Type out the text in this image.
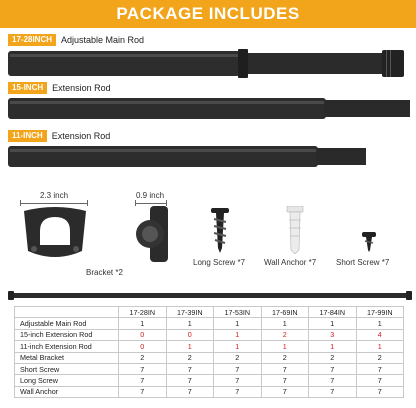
PACKAGE INCLUDES
17-28INCH	Adjustable Main Rod
15-INCH	Extension Rod
11-INCH	Extension Rod
2.3 inch
Bracket *2
0.9 inch
Long Screw *7 Wall Anchor *7 Short Screw *7
	17-28IN	17-39IN	17-53IN	17-69IN	17-84IN	17-99IN
Adjustable Main Rod	1	1	1	1	1	1
15-inch Extension Rod	0	0	1	2	3	4
11-inch Extension Rod	0	1	1	1	1	1
Metal Bracket	2	2	2	2	2	2
Short Screw	7	7	7	7	7	7
Long Screw	7	7	7	7	7	7
Wall Anchor	7	7	7	7	7	7
